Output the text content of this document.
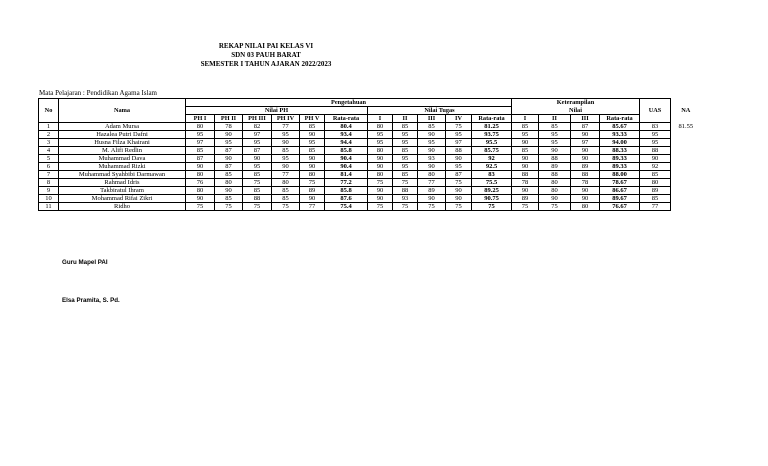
REKAP NILAI PAI KELAS VI
SDN 03 PAUH BARAT
SEMESTER I TAHUN AJARAN 2022/2023
Mata Pelajaran : Pendidikan Agama Islam
No	Nama	Pengetahuan											Keterampilan				UAS	NA
		Nilai PH						Nilai Tugas					Nilai					
		PH I	PH II	PH III	PH IV	PH V	Rata-rata	I	II	III	IV	Rata-rata	I	II	III	Rata-rata		
1	Adam Mursa	80	78	82	77	85	80.4	80	85	85	75	81.25	85	85	87	85.67	83	81.55
2	Hazalea Putri Dafni	95	90	97	95	90	93.4	95	95	90	95	93.75	95	95	90	93.33	95	
3	Husna Filza Khairani	97	95	95	90	95	94.4	95	95	95	97	95.5	90	95	97	94.00	95	
4	M. Alifi Redlin	85	87	87	85	85	85.8	80	85	90	88	85.75	85	90	90	88.33	88	
5	Muhammad Dava	87	90	90	95	90	90.4	90	95	93	90	92	90	88	90	89.33	90	
6	Muhammad Rizki	90	87	95	90	90	90.4	90	95	90	95	92.5	90	89	89	89.33	92	
7	Muhammad Syahbibi Darmawan	80	85	85	77	80	81.4	80	85	80	87	83	88	88	88	88.00	85	
8	Rahmad Idris	76	80	75	80	75	77.2	75	75	77	75	75.5	78	80	78	78.67	80	
9	Takbiratul Ihram	80	90	85	85	89	85.8	90	88	89	90	89.25	90	80	90	86.67	89	
10	Mohammad Rifai Zikri	90	85	88	85	90	87.6	90	93	90	90	90.75	89	90	90	89.67	85	
11	Ridho	75	75	75	75	77	75.4	75	75	75	75	75	75	75	80	76.67	77	
Guru Mapel PAI
Elsa Pramita, S. Pd.
